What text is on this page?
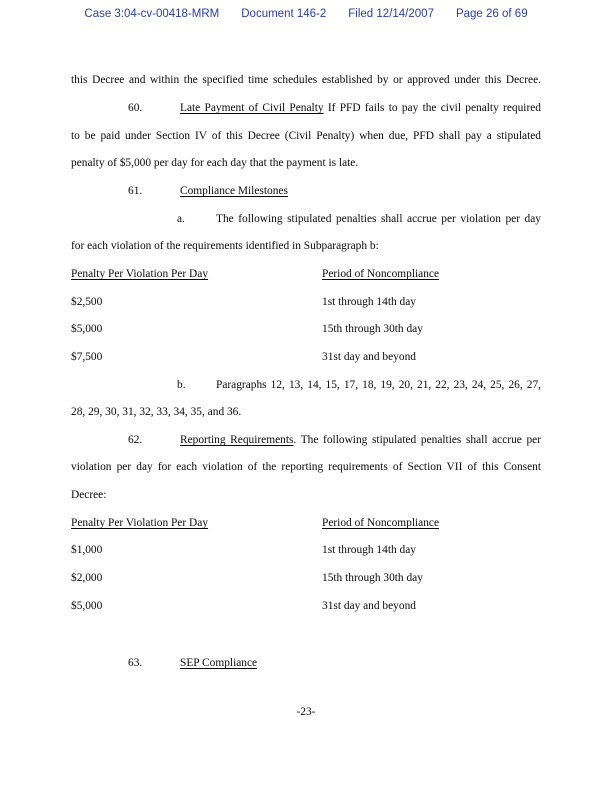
Case 3:04-cv-00418-MRM Document 146-2 Filed 12/14/2007 Page 26 of 69
this Decree and within the specified time schedules established by or approved under this Decree.
60.	Late Payment of Civil Penalty If PFD fails to pay the civil penalty required
to be paid under Section IV of this Decree (Civil Penalty) when due, PFD shall pay a stipulated
penalty of $5,000 per day for each day that the payment is late.
61.	Compliance Milestones
a.	The following stipulated penalties shall accrue per violation per day
for each violation of the requirements identified in Subparagraph b:
Penalty Per Violation Per Day	Period of Noncompliance
$2,500	1st through 14th day
$5,000	15th through 30th day
$7,500	31st day and beyond
b.	Paragraphs 12, 13, 14, 15, 17, 18, 19, 20, 21, 22, 23, 24, 25, 26, 27,
28, 29, 30, 31, 32, 33, 34, 35, and 36.
62.	Reporting Requirements. The following stipulated penalties shall accrue per
violation per day for each violation of the reporting requirements of Section VII of this Consent
Decree:
Penalty Per Violation Per Day	Period of Noncompliance
$1,000	1st through 14th day
$2,000	15th through 30th day
$5,000	31st day and beyond
63.	SEP Compliance
-23-
